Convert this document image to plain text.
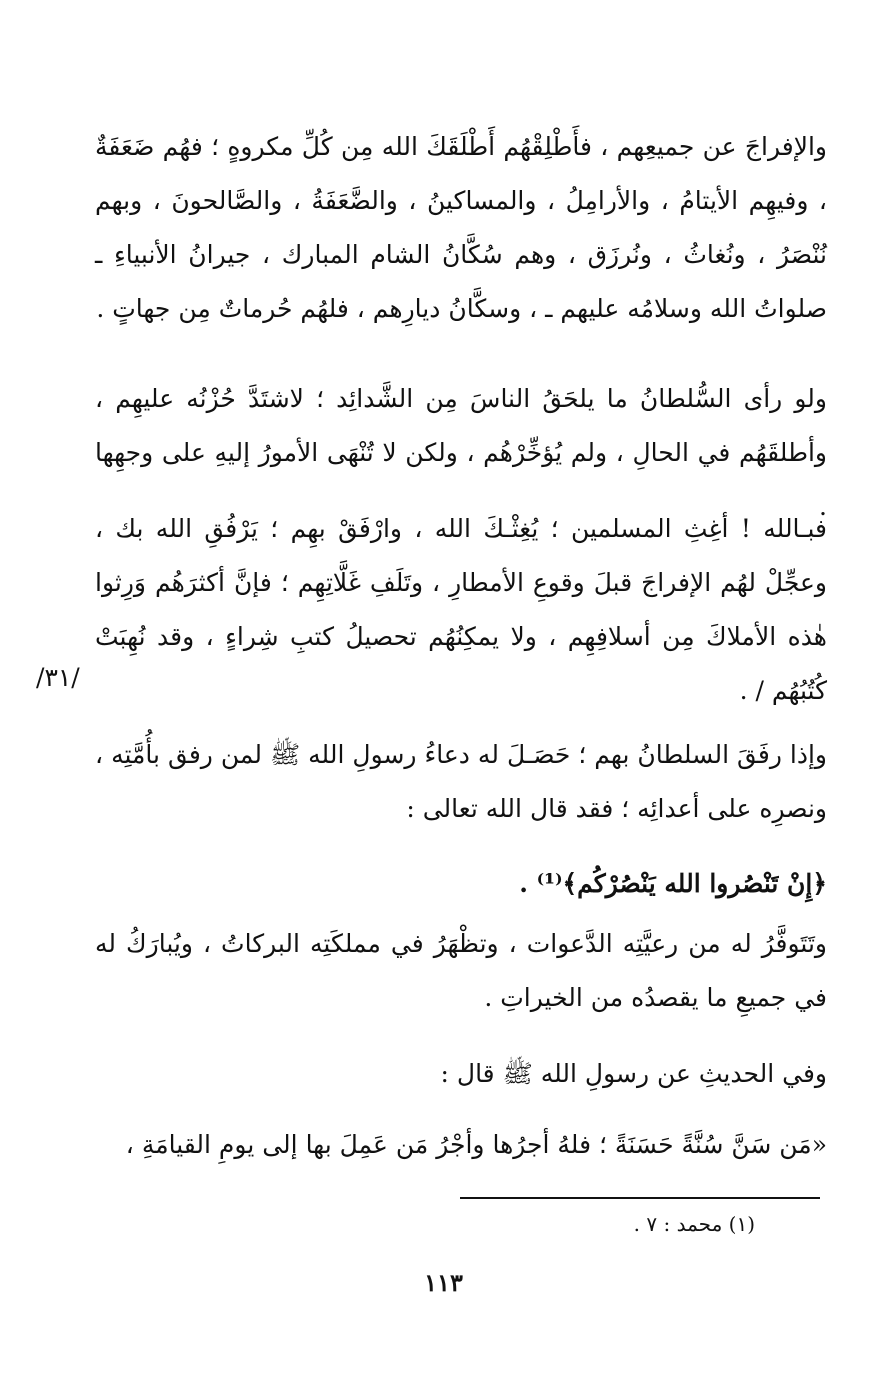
والإفراجَ عن جميعِهم ، فأَطْلِقْهُم أَطْلَقَكَ الله مِن كُلِّ مكروهٍ ؛ فهُم ضَعَفَةٌ ، وفيهِم الأيتامُ ، والأرامِلُ ، والمساكينُ ، والضَّعَفَةُ ، والصَّالحونَ ، وبهم نُنْصَرُ ، ونُغاثُ ، ونُرزَق ، وهم سُكَّانُ الشام المبارك ، جيرانُ الأنبياءِ ـ صلواتُ الله وسلامُه عليهم ـ ، وسكَّانُ ديارِهم ، فلهُم حُرماتٌ مِن جهاتٍ .

ولو رأى السُّلطانُ ما يلحَقُ الناسَ مِن الشَّدائِد ؛ لاشتَدَّ حُزْنُه عليهِم ، وأطلقَهُم في الحالِ ، ولم يُؤخِّرْهُم ، ولكن لا تُنْهَى الأمورُ إليهِ على وجهِها .

فبـالله ! أغِثِ المسلمين ؛ يُغِثْـكَ الله ، وارْفَقْ بهِم ؛ يَرْفُقِ الله بك ، وعجِّلْ لهُم الإفراجَ قبلَ وقوعِ الأمطارِ ، وتَلَفِ غَلَّاتِهِم ؛ فإنَّ أكثرَهُم وَرِثوا هٰذه الأملاكَ مِن أسلافِهِم ، ولا يمكِنُهُم تحصيلُ كتبِ شِراءٍ ، وقد نُهِبَتْ كُتُبُهُم / .

/٣١/

وإذا رفَقَ السلطانُ بهم ؛ حَصَـلَ له دعاءُ رسولِ الله ﷺ لمن رفق بأُمَّتِه ، ونصرِه على أعدائِه ؛ فقد قال الله تعالى :

﴿إِنْ تَنْصُروا الله يَنْصُرْكُم﴾⁽¹⁾ .

وتَتَوفَّرُ له من رعيَّتِه الدَّعوات ، وتظْهَرُ في مملكَتِه البركاتُ ، ويُبارَكُ له في جميعِ ما يقصدُه من الخيراتِ .

وفي الحديثِ عن رسولِ الله ﷺ قال :

«مَن سَنَّ سُنَّةً حَسَنَةً ؛ فلهُ أجرُها وأجْرُ مَن عَمِلَ بها إلى يومِ القيامَةِ ،

(١) محمد : ٧ .
١١٣
